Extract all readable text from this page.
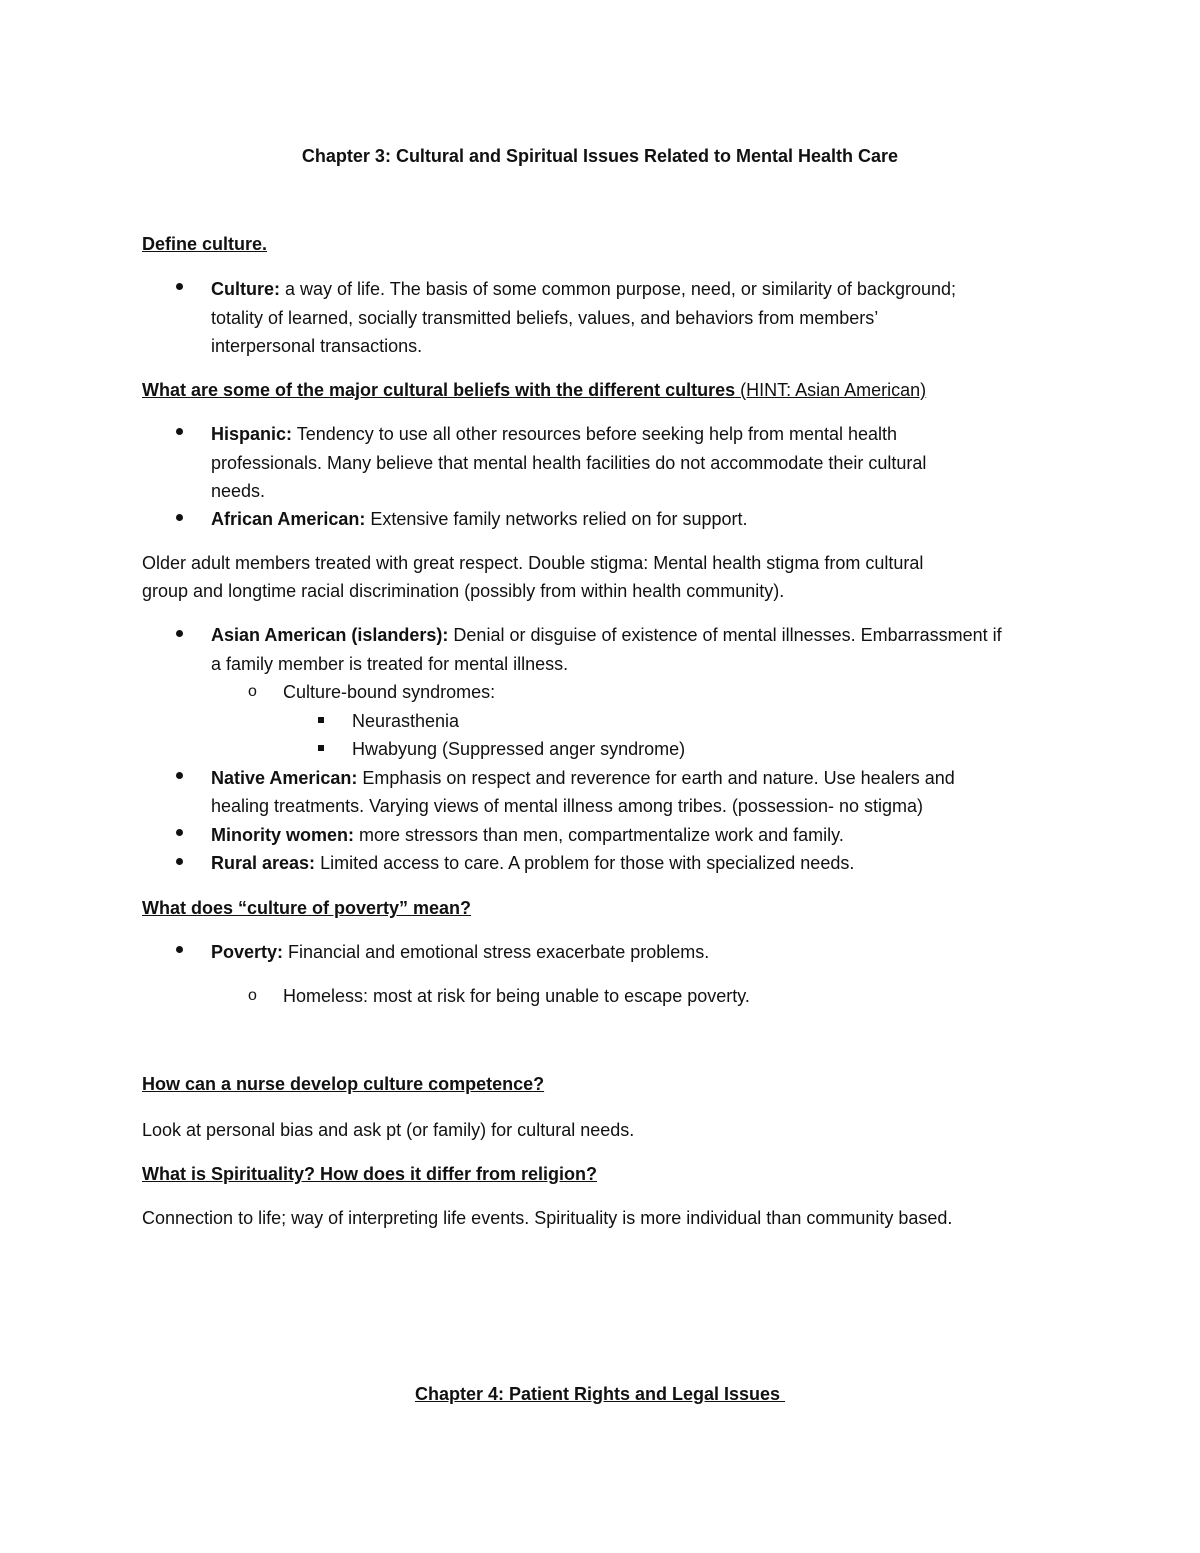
Chapter 3: Cultural and Spiritual Issues Related to Mental Health Care
Define culture.
Culture: a way of life. The basis of some common purpose, need, or similarity of background;
totality of learned, socially transmitted beliefs, values, and behaviors from members’
interpersonal transactions.
What are some of the major cultural beliefs with the different cultures (HINT: Asian American)
Hispanic: Tendency to use all other resources before seeking help from mental health
professionals. Many believe that mental health facilities do not accommodate their cultural
needs.
African American: Extensive family networks relied on for support.
Older adult members treated with great respect. Double stigma: Mental health stigma from cultural
group and longtime racial discrimination (possibly from within health community).
Asian American (islanders): Denial or disguise of existence of mental illnesses. Embarrassment if
a family member is treated for mental illness.
o Culture-bound syndromes:
Neurasthenia
Hwabyung (Suppressed anger syndrome)
Native American: Emphasis on respect and reverence for earth and nature. Use healers and
healing treatments. Varying views of mental illness among tribes. (possession- no stigma)
Minority women: more stressors than men, compartmentalize work and family.
Rural areas: Limited access to care. A problem for those with specialized needs.
What does “culture of poverty” mean?
Poverty: Financial and emotional stress exacerbate problems.
o Homeless: most at risk for being unable to escape poverty.
How can a nurse develop culture competence?
Look at personal bias and ask pt (or family) for cultural needs.
What is Spirituality? How does it differ from religion?
Connection to life; way of interpreting life events. Spirituality is more individual than community based.
Chapter 4: Patient Rights and Legal Issues
